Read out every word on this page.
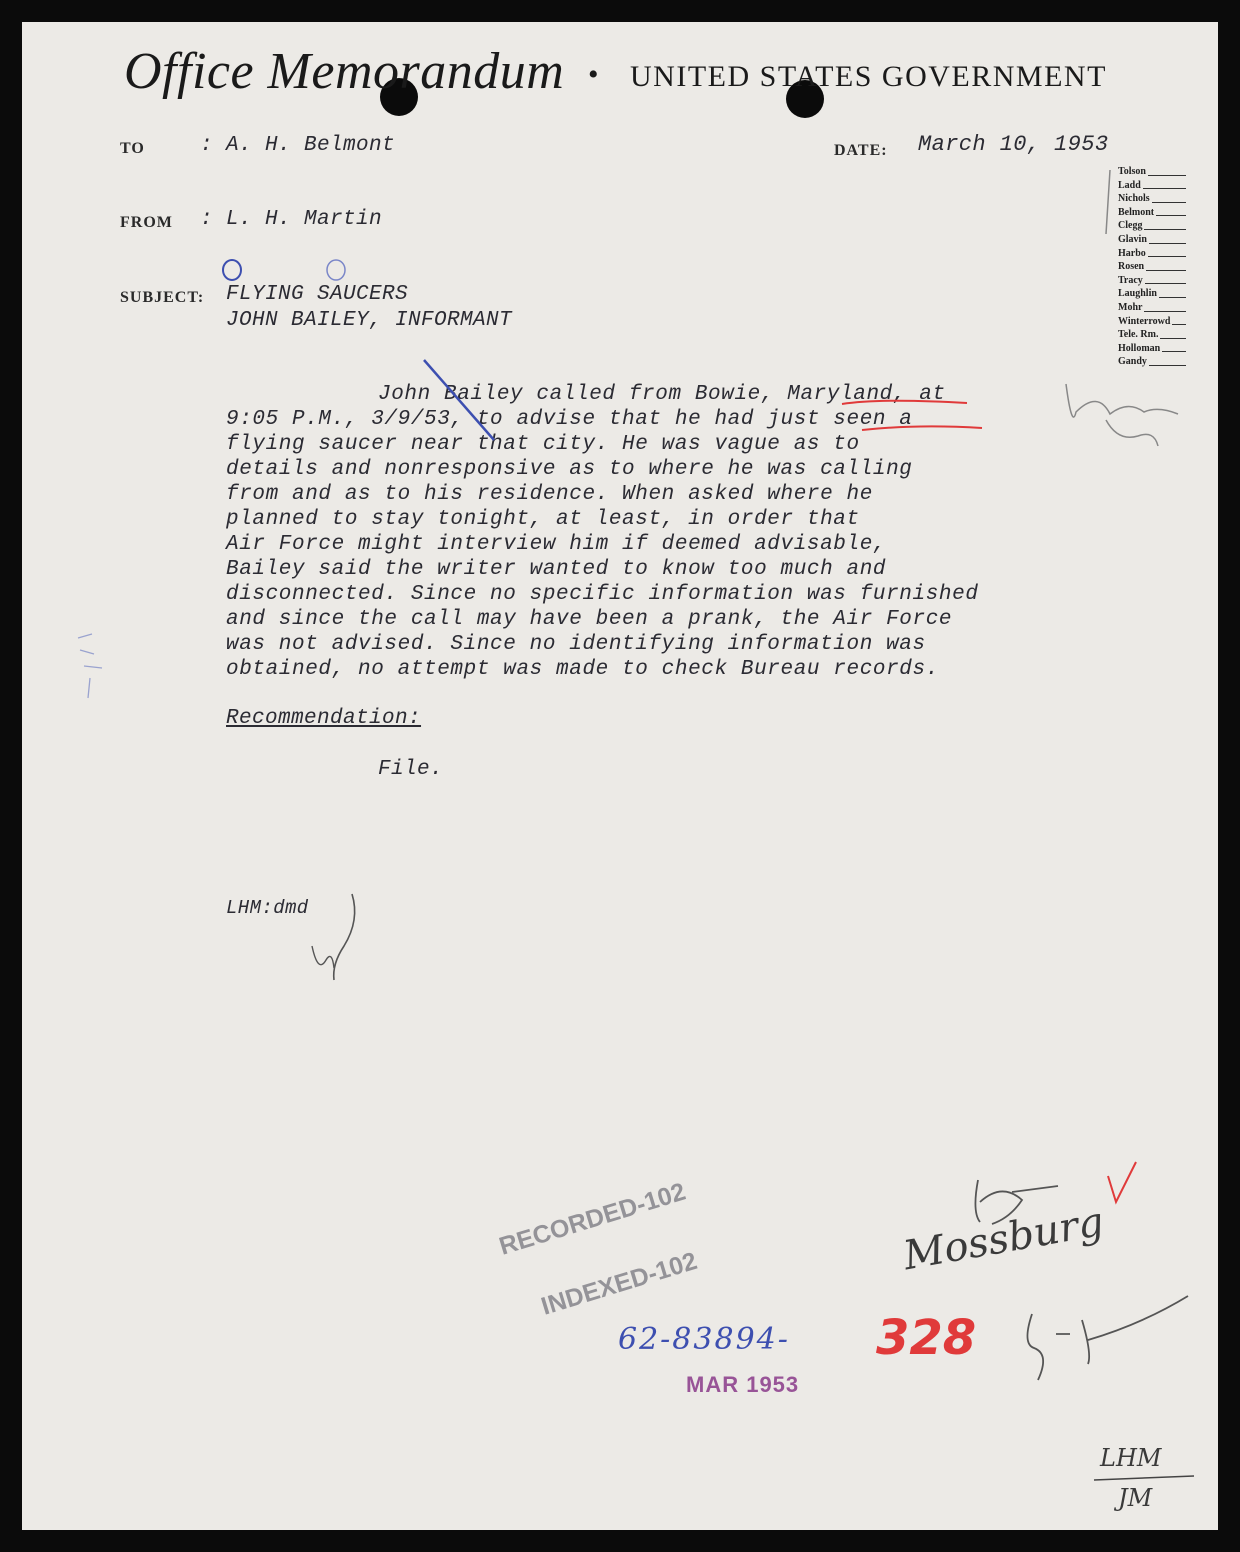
Office Memorandum • UNITED STATES GOVERNMENT
TO	: A. H. Belmont	DATE: March 10, 1953
FROM : L. H. Martin
SUBJECT: FLYING SAUCERS
JOHN BAILEY, INFORMANT
Tolson
Ladd
Nichols
Belmont
Clegg
Glavin
Harbo
Rosen
Tracy
Laughlin
Mohr
Winterrowd
Tele. Rm.
Holloman
Gandy
John Bailey called from Bowie, Maryland, at
9:05 P.M., 3/9/53, to advise that he had just seen a
flying saucer near that city. He was vague as to
details and nonresponsive as to where he was calling
from and as to his residence. When asked where he
planned to stay tonight, at least, in order that
Air Force might interview him if deemed advisable,
Bailey said the writer wanted to know too much and
disconnected. Since no specific information was furnished
and since the call may have been a prank, the Air Force
was not advised. Since no identifying information was
obtained, no attempt was made to check Bureau records.
Recommendation:
File.
LHM:dmd
RECORDED-102
INDEXED-102
62-83894- 328
MAR 1953
Mossburg
LHM
JM
